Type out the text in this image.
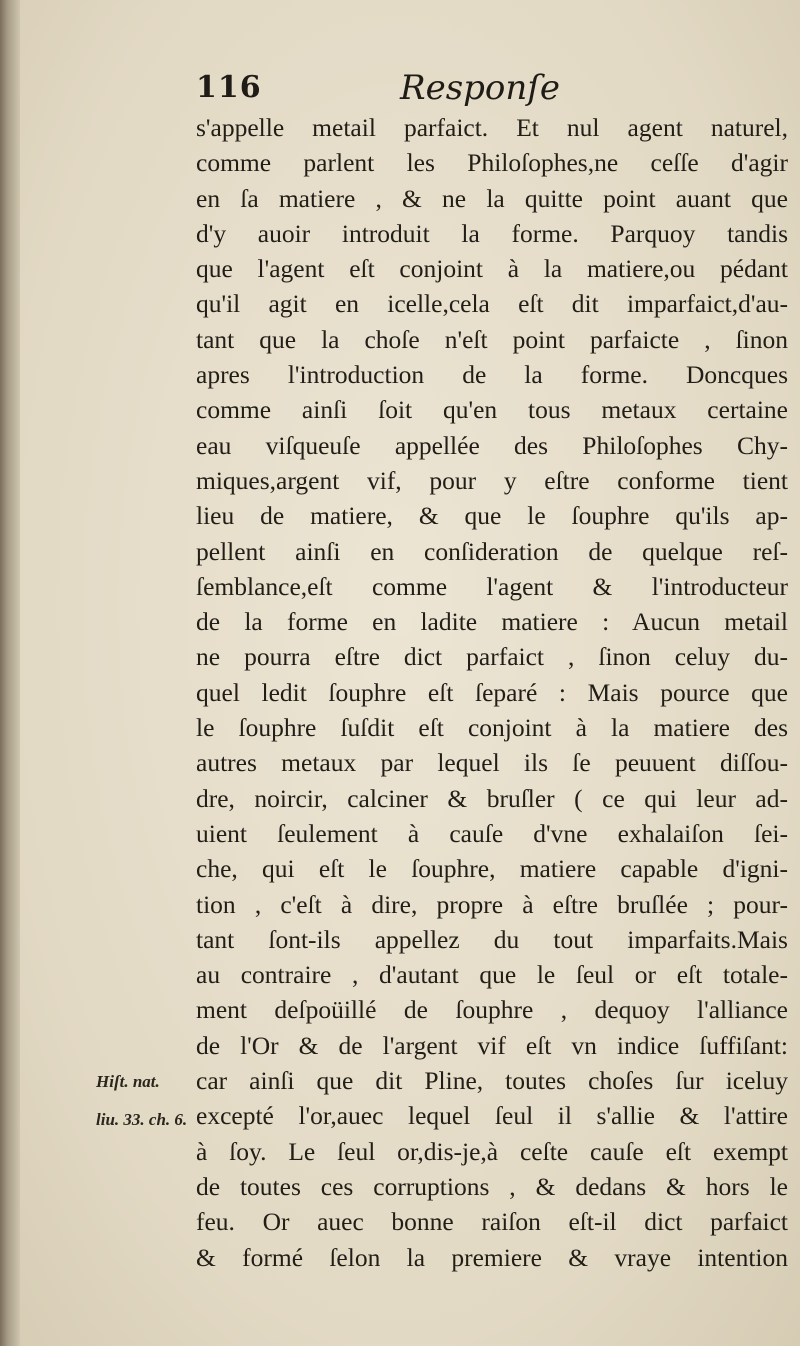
116	Responſe
s'appelle metail parfaict. Et nul agent naturel,
comme parlent les Philoſophes,ne ceſſe d'agir
en ſa matiere , & ne la quitte point auant que
d'y auoir introduit la forme. Parquoy tandis
que l'agent eſt conjoint à la matiere,ou pédant
qu'il agit en icelle,cela eſt dit imparfaict,d'au-
tant que la choſe n'eſt point parfaicte , ſinon
apres l'introduction de la forme. Doncques
comme ainſi ſoit qu'en tous metaux certaine
eau viſqueuſe appellée des Philoſophes Chy-
miques,argent vif, pour y eſtre conforme tient
lieu de matiere, & que le ſouphre qu'ils ap-
pellent ainſi en conſideration de quelque reſ-
ſemblance,eſt comme l'agent & l'introducteur
de la forme en ladite matiere : Aucun metail
ne pourra eſtre dict parfaict , ſinon celuy du-
quel ledit ſouphre eſt ſeparé : Mais pource que
le ſouphre ſuſdit eſt conjoint à la matiere des
autres metaux par lequel ils ſe peuuent diſſou-
dre, noircir, calciner & bruſler ( ce qui leur ad-
uient ſeulement à cauſe d'vne exhalaiſon ſei-
che, qui eſt le ſouphre, matiere capable d'igni-
tion , c'eſt à dire, propre à eſtre bruſlée ; pour-
tant ſont-ils appellez du tout imparfaits.Mais
au contraire , d'autant que le ſeul or eſt totale-
ment deſpoüillé de ſouphre , dequoy l'alliance
de l'Or & de l'argent vif eſt vn indice ſuffiſant:
car ainſi que dit Pline, toutes choſes ſur iceluy
excepté l'or,auec lequel ſeul il s'allie & l'attire
à ſoy. Le ſeul or,dis-je,à ceſte cauſe eſt exempt
de toutes ces corruptions , & dedans & hors le
feu. Or auec bonne raiſon eſt-il dict parfaict
& formé ſelon la premiere & vraye intention
Hiſt. nat.
liu. 33. ch. 6.
